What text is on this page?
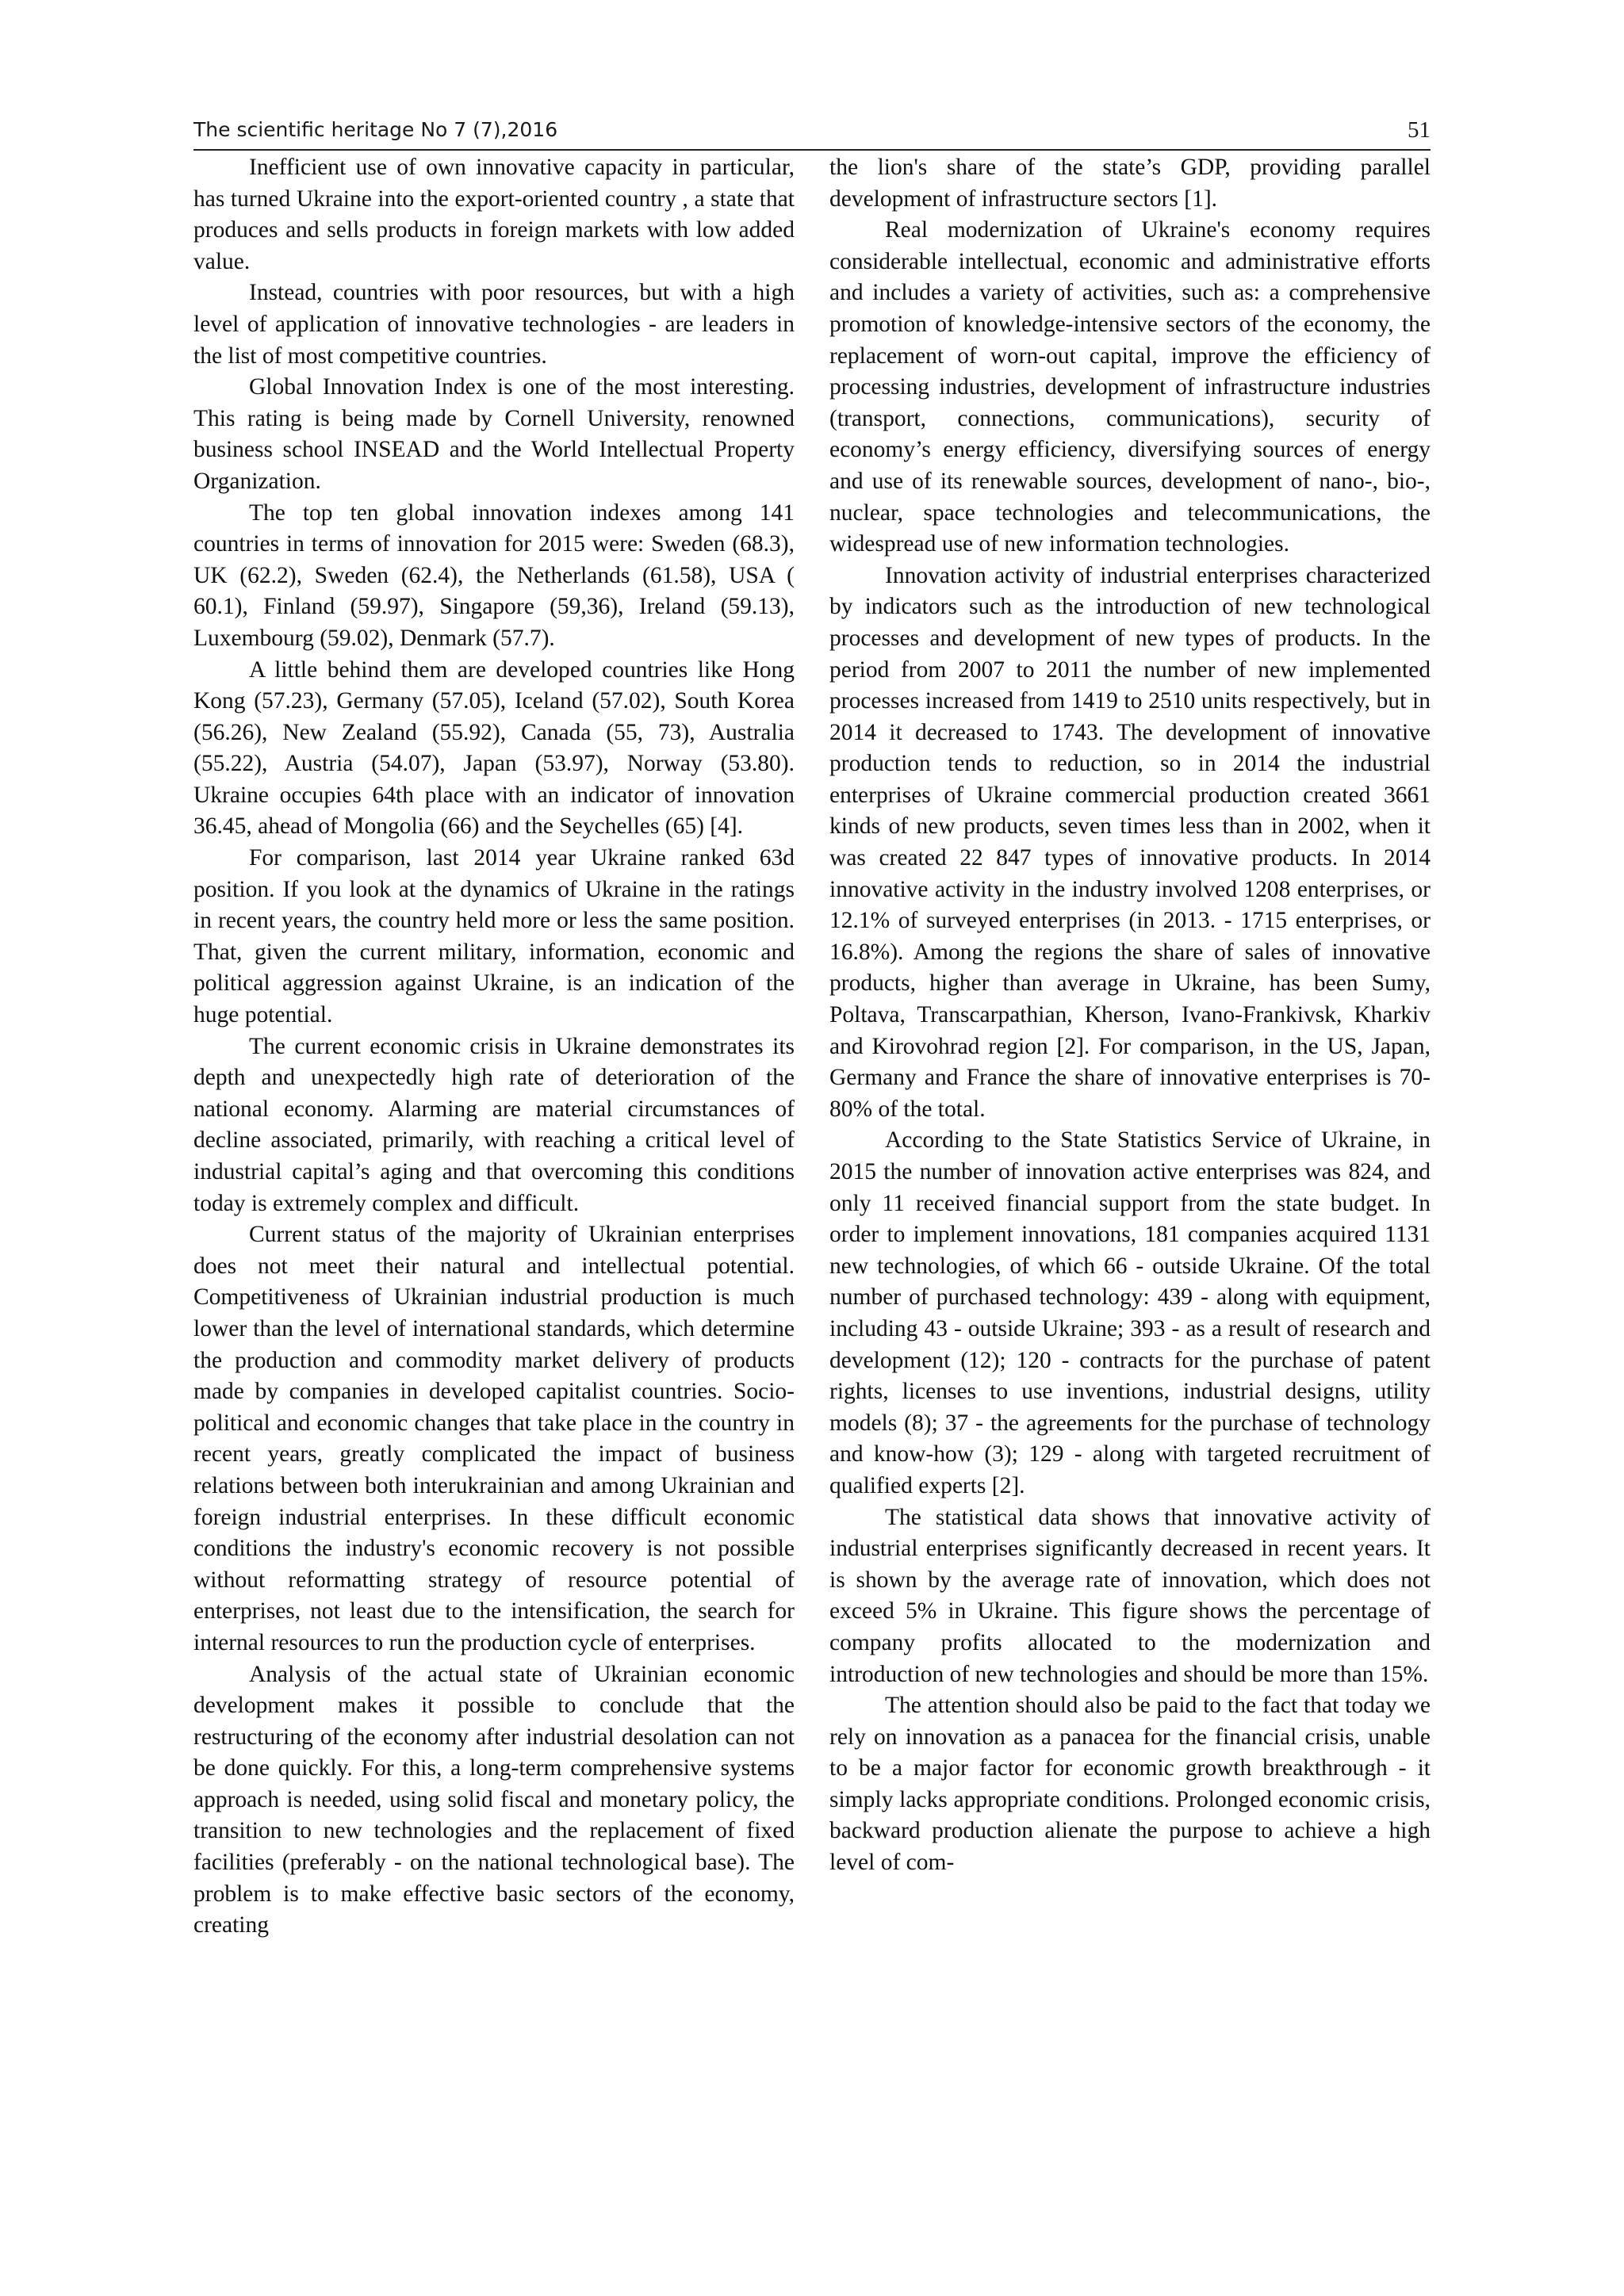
The scientific heritage No 7 (7),2016	51

Inefficient use of own innovative capacity in particular, has turned Ukraine into the export-oriented country , a state that produces and sells products in foreign markets with low added value.

Instead, countries with poor resources, but with a high level of application of innovative technologies - are leaders in the list of most competitive countries.

Global Innovation Index is one of the most interesting. This rating is being made by Cornell University, renowned business school INSEAD and the World Intellectual Property Organization.

The top ten global innovation indexes among 141 countries in terms of innovation for 2015 were: Sweden (68.3), UK (62.2), Sweden (62.4), the Netherlands (61.58), USA ( 60.1), Finland (59.97), Singapore (59,36), Ireland (59.13), Luxembourg (59.02), Denmark (57.7).

A little behind them are developed countries like Hong Kong (57.23), Germany (57.05), Iceland (57.02), South Korea (56.26), New Zealand (55.92), Canada (55, 73), Australia (55.22), Austria (54.07), Japan (53.97), Norway (53.80). Ukraine occupies 64th place with an indicator of innovation 36.45, ahead of Mongolia (66) and the Seychelles (65) [4].

For comparison, last 2014 year Ukraine ranked 63d position. If you look at the dynamics of Ukraine in the ratings in recent years, the country held more or less the same position. That, given the current military, information, economic and political aggression against Ukraine, is an indication of the huge potential.

The current economic crisis in Ukraine demonstrates its depth and unexpectedly high rate of deterioration of the national economy. Alarming are material circumstances of decline associated, primarily, with reaching a critical level of industrial capital’s aging and that overcoming this conditions today is extremely complex and difficult.

Current status of the majority of Ukrainian enterprises does not meet their natural and intellectual potential. Competitiveness of Ukrainian industrial production is much lower than the level of international standards, which determine the production and commodity market delivery of products made by companies in developed capitalist countries. Socio-political and economic changes that take place in the country in recent years, greatly complicated the impact of business relations between both interukrainian and among Ukrainian and foreign industrial enterprises. In these difficult economic conditions the industry's economic recovery is not possible without reformatting strategy of resource potential of enterprises, not least due to the intensification, the search for internal resources to run the production cycle of enterprises.

Analysis of the actual state of Ukrainian economic development makes it possible to conclude that the restructuring of the economy after industrial desolation can not be done quickly. For this, a long-term comprehensive systems approach is needed, using solid fiscal and monetary policy, the transition to new technologies and the replacement of fixed facilities (preferably - on the national technological base). The problem is to make effective basic sectors of the economy, creating

the lion's share of the state’s GDP, providing parallel development of infrastructure sectors [1].

Real modernization of Ukraine's economy requires considerable intellectual, economic and administrative efforts and includes a variety of activities, such as: a comprehensive promotion of knowledge-intensive sectors of the economy, the replacement of worn-out capital, improve the efficiency of processing industries, development of infrastructure industries (transport, connections, communications), security of economy’s energy efficiency, diversifying sources of energy and use of its renewable sources, development of nano-, bio-, nuclear, space technologies and telecommunications, the widespread use of new information technologies.

Innovation activity of industrial enterprises characterized by indicators such as the introduction of new technological processes and development of new types of products. In the period from 2007 to 2011 the number of new implemented processes increased from 1419 to 2510 units respectively, but in 2014 it decreased to 1743. The development of innovative production tends to reduction, so in 2014 the industrial enterprises of Ukraine commercial production created 3661 kinds of new products, seven times less than in 2002, when it was created 22 847 types of innovative products. In 2014 innovative activity in the industry involved 1208 enterprises, or 12.1% of surveyed enterprises (in 2013. - 1715 enterprises, or 16.8%). Among the regions the share of sales of innovative products, higher than average in Ukraine, has been Sumy, Poltava, Transcarpathian, Kherson, Ivano-Frankivsk, Kharkiv and Kirovohrad region [2]. For comparison, in the US, Japan, Germany and France the share of innovative enterprises is 70-80% of the total.

According to the State Statistics Service of Ukraine, in 2015 the number of innovation active enterprises was 824, and only 11 received financial support from the state budget. In order to implement innovations, 181 companies acquired 1131 new technologies, of which 66 - outside Ukraine. Of the total number of purchased technology: 439 - along with equipment, including 43 - outside Ukraine; 393 - as a result of research and development (12); 120 - contracts for the purchase of patent rights, licenses to use inventions, industrial designs, utility models (8); 37 - the agreements for the purchase of technology and know-how (3); 129 - along with targeted recruitment of qualified experts [2].

The statistical data shows that innovative activity of industrial enterprises significantly decreased in recent years. It is shown by the average rate of innovation, which does not exceed 5% in Ukraine. This figure shows the percentage of company profits allocated to the modernization and introduction of new technologies and should be more than 15%.

The attention should also be paid to the fact that today we rely on innovation as a panacea for the financial crisis, unable to be a major factor for economic growth breakthrough - it simply lacks appropriate conditions. Prolonged economic crisis, backward production alienate the purpose to achieve a high level of com-
